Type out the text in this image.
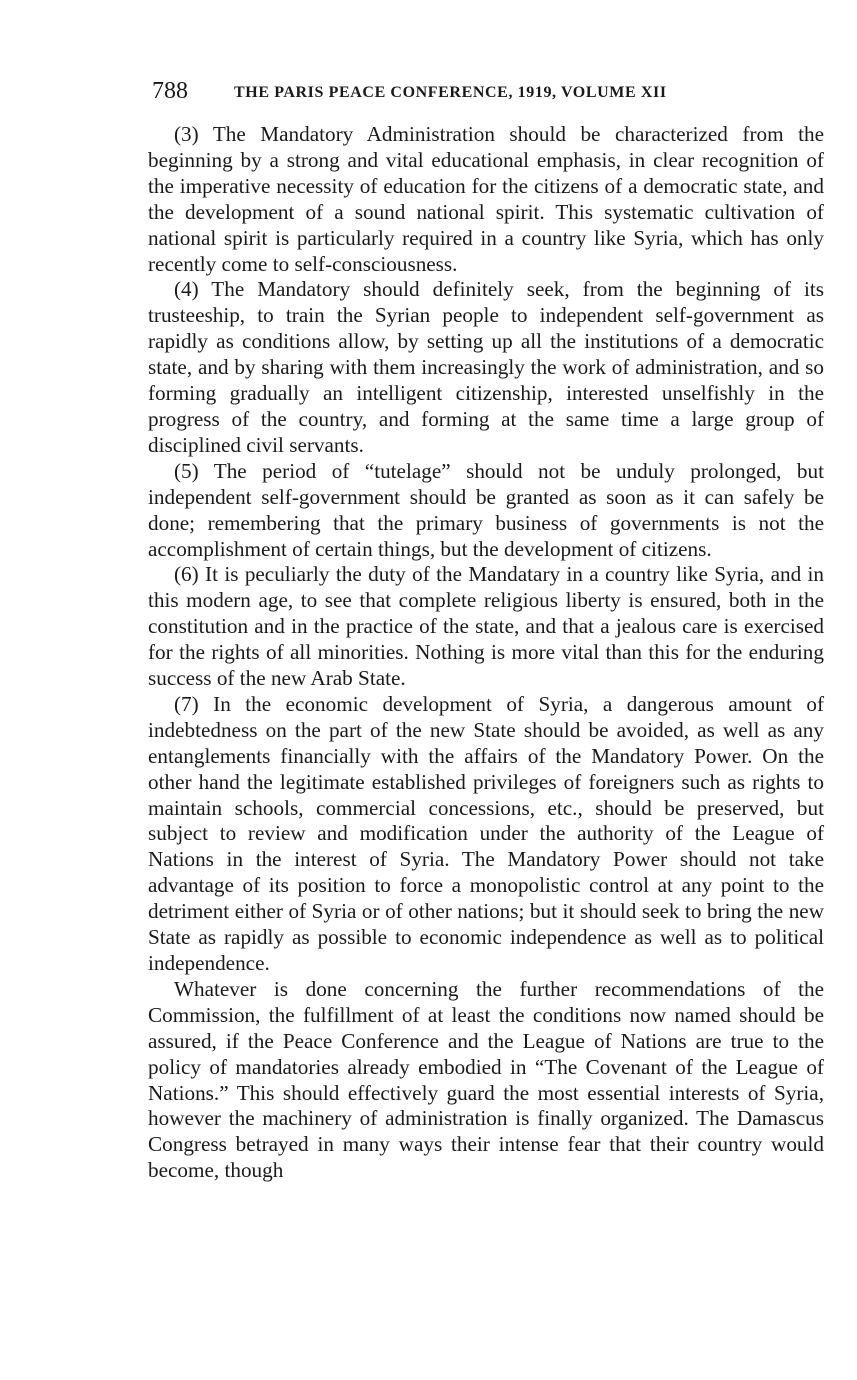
788	THE PARIS PEACE CONFERENCE, 1919, VOLUME XII

(3) The Mandatory Administration should be characterized from the beginning by a strong and vital educational emphasis, in clear recognition of the imperative necessity of education for the citizens of a democratic state, and the development of a sound national spirit. This systematic cultivation of national spirit is particularly required in a country like Syria, which has only recently come to self-consciousness.

(4) The Mandatory should definitely seek, from the beginning of its trusteeship, to train the Syrian people to independent self-government as rapidly as conditions allow, by setting up all the institutions of a democratic state, and by sharing with them increasingly the work of administration, and so forming gradually an intelligent citizenship, interested unselfishly in the progress of the country, and forming at the same time a large group of disciplined civil servants.

(5) The period of “tutelage” should not be unduly prolonged, but independent self-government should be granted as soon as it can safely be done; remembering that the primary business of governments is not the accomplishment of certain things, but the development of citizens.

(6) It is peculiarly the duty of the Mandatary in a country like Syria, and in this modern age, to see that complete religious liberty is ensured, both in the constitution and in the practice of the state, and that a jealous care is exercised for the rights of all minorities. Nothing is more vital than this for the enduring success of the new Arab State.

(7) In the economic development of Syria, a dangerous amount of indebtedness on the part of the new State should be avoided, as well as any entanglements financially with the affairs of the Mandatory Power. On the other hand the legitimate established privileges of foreigners such as rights to maintain schools, commercial concessions, etc., should be preserved, but subject to review and modification under the authority of the League of Nations in the interest of Syria. The Mandatory Power should not take advantage of its position to force a monopolistic control at any point to the detriment either of Syria or of other nations; but it should seek to bring the new State as rapidly as possible to economic independence as well as to political independence.

Whatever is done concerning the further recommendations of the Commission, the fulfillment of at least the conditions now named should be assured, if the Peace Conference and the League of Nations are true to the policy of mandatories already embodied in “The Covenant of the League of Nations.” This should effectively guard the most essential interests of Syria, however the machinery of administration is finally organized. The Damascus Congress betrayed in many ways their intense fear that their country would become, though
